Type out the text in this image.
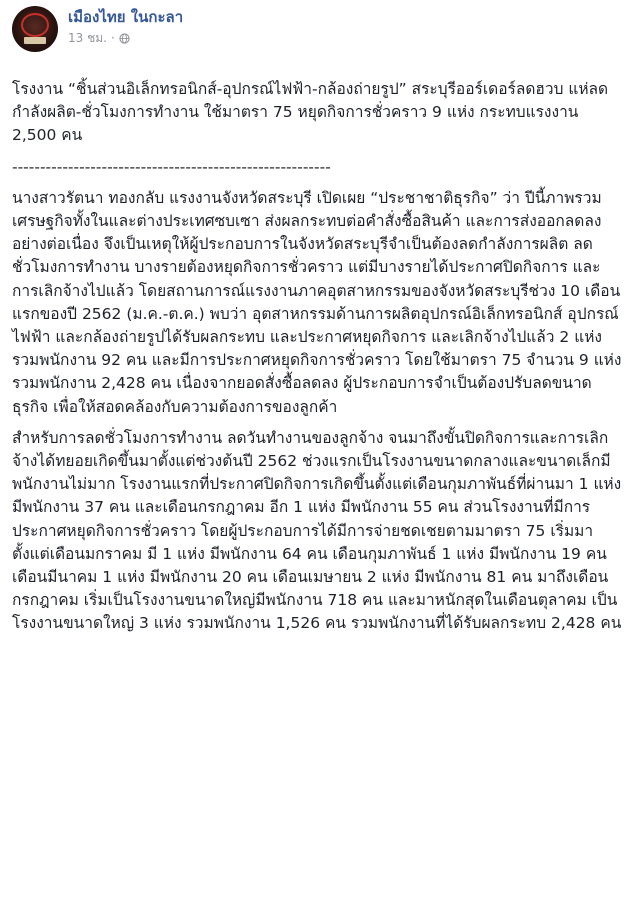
เมืองไทย ในกะลา
13 ชม. ·

โรงงาน “ชิ้นส่วนอิเล็กทรอนิกส์-อุปกรณ์ไฟฟ้า-กล้องถ่ายรูป” สระบุรีออร์เดอร์ลดฮวบ แห่ลดกำลังผลิต-ชั่วโมงการทำงาน ใช้มาตรา 75 หยุดกิจการชั่วคราว 9 แห่ง กระทบแรงงาน 2,500 คน

---------------------------------------------------------

นางสาวรัตนา ทองกลับ แรงงานจังหวัดสระบุรี เปิดเผย “ประชาชาติธุรกิจ” ว่า ปีนี้ภาพรวมเศรษฐกิจทั้งในและต่างประเทศซบเซา ส่งผลกระทบต่อคำสั่งซื้อสินค้า และการส่งออกลดลงอย่างต่อเนื่อง จึงเป็นเหตุให้ผู้ประกอบการในจังหวัดสระบุรีจำเป็นต้องลดกำลังการผลิต ลดชั่วโมงการทำงาน บางรายต้องหยุดกิจการชั่วคราว แต่มีบางรายได้ประกาศปิดกิจการ และการเลิกจ้างไปแล้ว โดยสถานการณ์แรงงานภาคอุตสาหกรรมของจังหวัดสระบุรีช่วง 10 เดือนแรกของปี 2562 (ม.ค.-ต.ค.) พบว่า อุตสาหกรรมด้านการผลิตอุปกรณ์อิเล็กทรอนิกส์ อุปกรณ์ไฟฟ้า และกล้องถ่ายรูปได้รับผลกระทบ และประกาศหยุดกิจการ และเลิกจ้างไปแล้ว 2 แห่ง รวมพนักงาน 92 คน และมีการประกาศหยุดกิจการชั่วคราว โดยใช้มาตรา 75 จำนวน 9 แห่ง รวมพนักงาน 2,428 คน เนื่องจากยอดสั่งซื้อลดลง ผู้ประกอบการจำเป็นต้องปรับลดขนาดธุรกิจ เพื่อให้สอดคล้องกับความต้องการของลูกค้า

สำหรับการลดชั่วโมงการทำงาน ลดวันทำงานของลูกจ้าง จนมาถึงขั้นปิดกิจการและการเลิกจ้างได้ทยอยเกิดขึ้นมาตั้งแต่ช่วงต้นปี 2562 ช่วงแรกเป็นโรงงานขนาดกลางและขนาดเล็กมีพนักงานไม่มาก โรงงานแรกที่ประกาศปิดกิจการเกิดขึ้นตั้งแต่เดือนกุมภาพันธ์ที่ผ่านมา 1 แห่ง มีพนักงาน 37 คน และเดือนกรกฎาคม อีก 1 แห่ง มีพนักงาน 55 คน ส่วนโรงงานที่มีการประกาศหยุดกิจการชั่วคราว โดยผู้ประกอบการได้มีการจ่ายชดเชยตามมาตรา 75 เริ่มมาตั้งแต่เดือนมกราคม มี 1 แห่ง มีพนักงาน 64 คน เดือนกุมภาพันธ์ 1 แห่ง มีพนักงาน 19 คน เดือนมีนาคม 1 แห่ง มีพนักงาน 20 คน เดือนเมษายน 2 แห่ง มีพนักงาน 81 คน มาถึงเดือนกรกฎาคม เริ่มเป็นโรงงานขนาดใหญ่มีพนักงาน 718 คน และมาหนักสุดในเดือนตุลาคม เป็นโรงงานขนาดใหญ่ 3 แห่ง รวมพนักงาน 1,526 คน รวมพนักงานที่ได้รับผลกระทบ 2,428 คน
